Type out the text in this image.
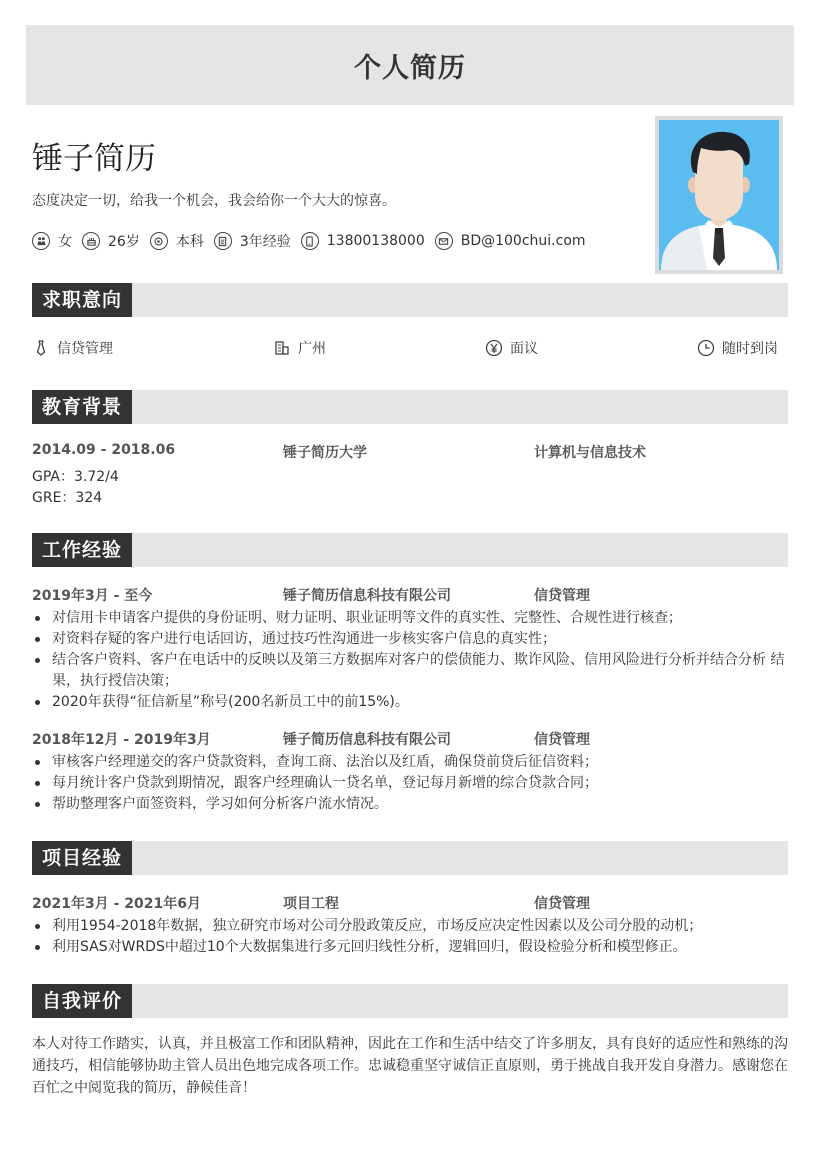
个人简历
锤子简历
态度决定一切，给我一个机会，我会给你一个大大的惊喜。
女	26岁	本科	3年经验	13800138000	BD@100chui.com
求职意向
信贷管理	广州	面议	随时到岗
教育背景
2014.09 - 2018.06	锤子简历大学	计算机与信息技术
GPA：3.72/4
GRE：324
工作经验
2019年3月 - 至今	锤子简历信息科技有限公司	信贷管理
对信用卡申请客户提供的身份证明、财力证明、职业证明等文件的真实性、完整性、合规性进行核查；
对资料存疑的客户进行电话回访，通过技巧性沟通进一步核实客户信息的真实性；
结合客户资料、客户在电话中的反映以及第三方数据库对客户的偿债能力、欺诈风险、信用风险进行分析并结合分析 结果，执行授信决策；
2020年获得“征信新星”称号(200名新员工中的前15%)。
2018年12月 - 2019年3月	锤子简历信息科技有限公司	信贷管理
审核客户经理递交的客户贷款资料，查询工商、法治以及红盾，确保贷前贷后征信资料；
每月统计客户贷款到期情况，跟客户经理确认一贷名单，登记每月新增的综合贷款合同；
帮助整理客户面签资料，学习如何分析客户流水情况。
项目经验
2021年3月 - 2021年6月	项目工程	信贷管理
利用1954-2018年数据，独立研究市场对公司分股政策反应，市场反应决定性因素以及公司分股的动机；
利用SAS对WRDS中超过10个大数据集进行多元回归线性分析，逻辑回归，假设检验分析和模型修正。
自我评价
本人对待工作踏实，认真，并且极富工作和团队精神，因此在工作和生活中结交了许多朋友，具有良好的适应性和熟练的沟通技巧，相信能够协助主管人员出色地完成各项工作。忠诚稳重坚守诚信正直原则，勇于挑战自我开发自身潜力。感谢您在百忙之中阅览我的简历，静候佳音！
